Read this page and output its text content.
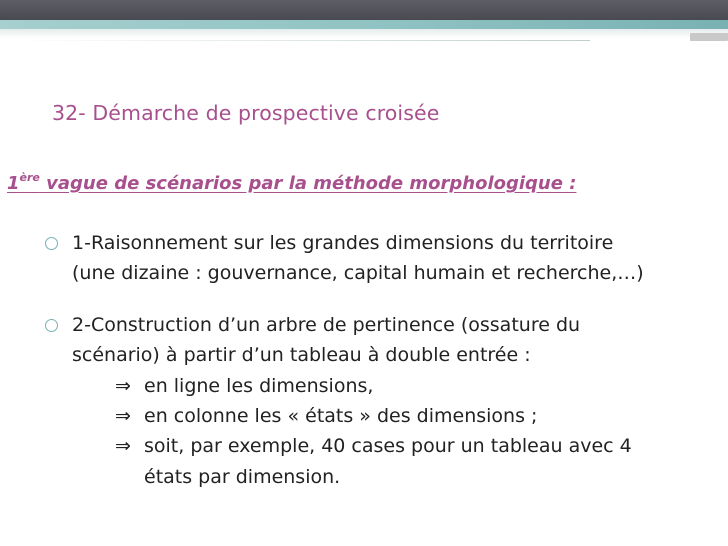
32- Démarche de prospective croisée
1ère vague de scénarios par la méthode morphologique :
1-Raisonnement sur les grandes dimensions du territoire
(une dizaine : gouvernance, capital humain et recherche,…)
2-Construction d’un arbre de pertinence (ossature du
scénario) à partir d’un tableau à double entrée :
⇒ en ligne les dimensions,
⇒ en colonne les « états » des dimensions ;
⇒ soit, par exemple, 40 cases pour un tableau avec 4
états par dimension.
